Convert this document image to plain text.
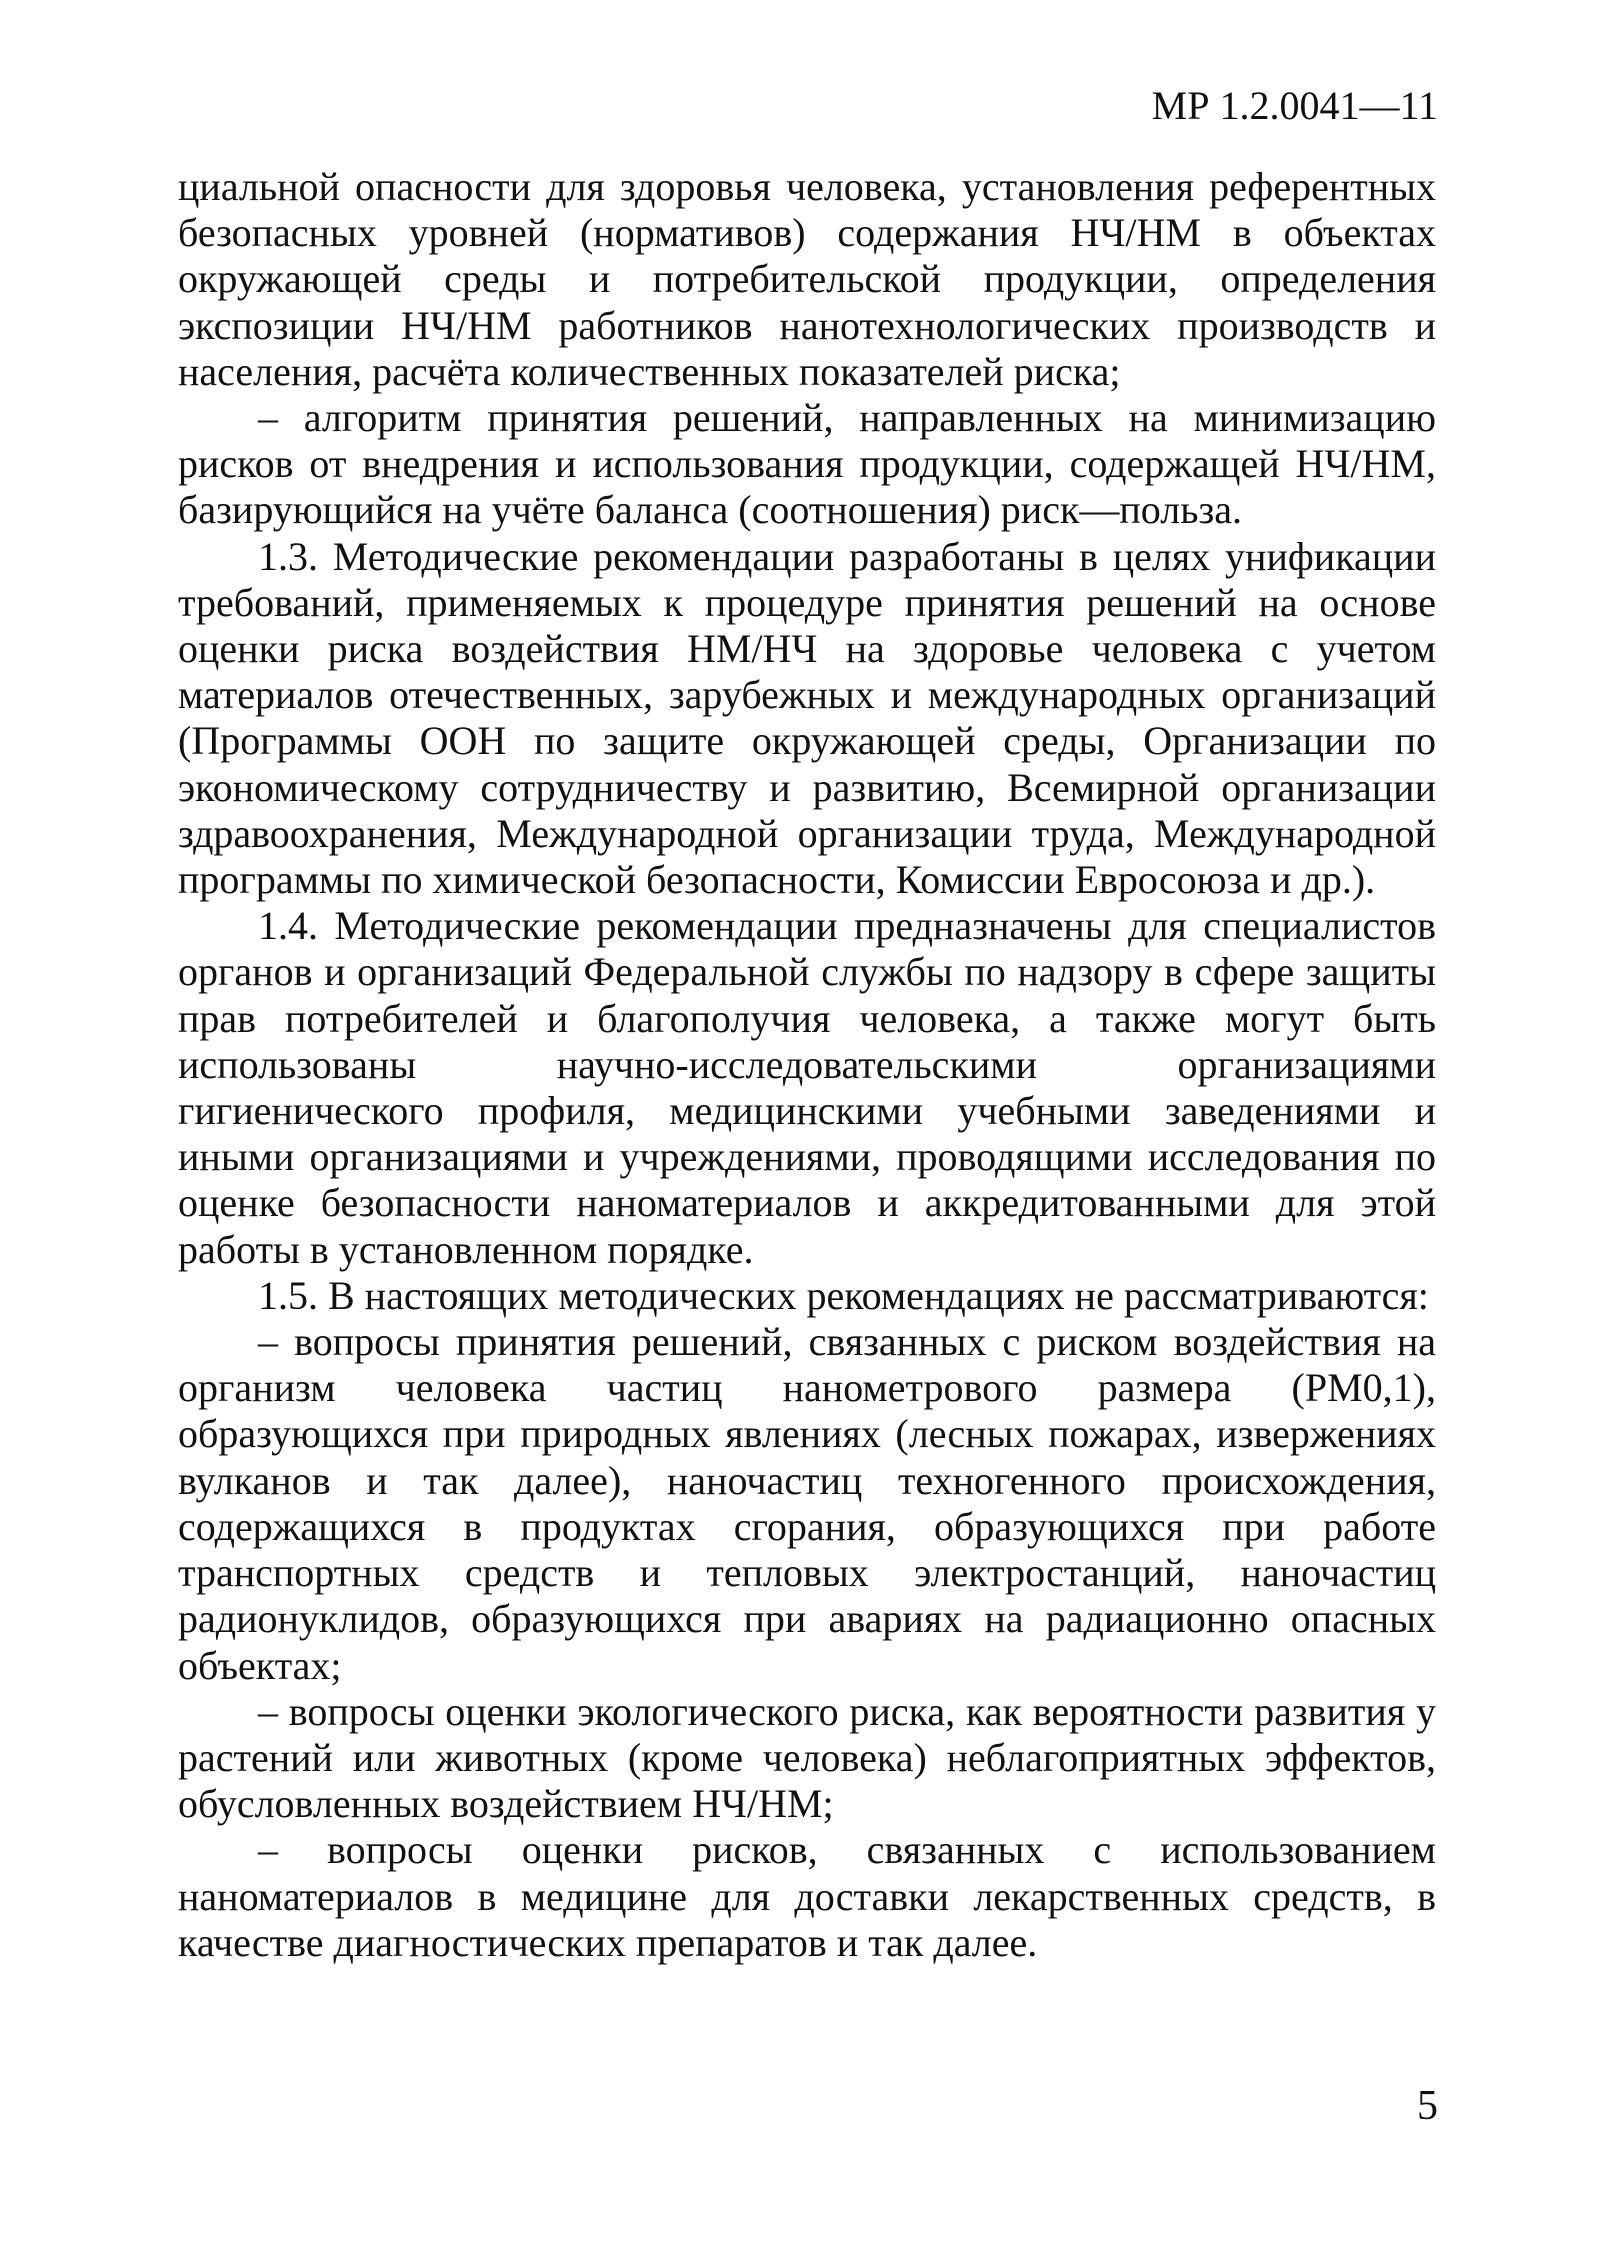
МР 1.2.0041—11

циальной опасности для здоровья человека, установления референтных безопасных уровней (нормативов) содержания НЧ/НМ в объектах окружающей среды и потребительской продукции, определения экспозиции НЧ/НМ работников нанотехнологических производств и населения, расчёта количественных показателей риска;

– алгоритм принятия решений, направленных на минимизацию рисков от внедрения и использования продукции, содержащей НЧ/НМ, базирующийся на учёте баланса (соотношения) риск—польза.

1.3. Методические рекомендации разработаны в целях унификации требований, применяемых к процедуре принятия решений на основе оценки риска воздействия НМ/НЧ на здоровье человека с учетом материалов отечественных, зарубежных и международных организаций (Программы ООН по защите окружающей среды, Организации по экономическому сотрудничеству и развитию, Всемирной организации здравоохранения, Международной организации труда, Международной программы по химической безопасности, Комиссии Евросоюза и др.).

1.4. Методические рекомендации предназначены для специалистов органов и организаций Федеральной службы по надзору в сфере защиты прав потребителей и благополучия человека, а также могут быть использованы научно-исследовательскими организациями гигиенического профиля, медицинскими учебными заведениями и иными организациями и учреждениями, проводящими исследования по оценке безопасности наноматериалов и аккредитованными для этой работы в установленном порядке.

1.5. В настоящих методических рекомендациях не рассматриваются:

– вопросы принятия решений, связанных с риском воздействия на организм человека частиц нанометрового размера (РМ0,1), образующихся при природных явлениях (лесных пожарах, извержениях вулканов и так далее), наночастиц техногенного происхождения, содержащихся в продуктах сгорания, образующихся при работе транспортных средств и тепловых электростанций, наночастиц радионуклидов, образующихся при авариях на радиационно опасных объектах;

– вопросы оценки экологического риска, как вероятности развития у растений или животных (кроме человека) неблагоприятных эффектов, обусловленных воздействием НЧ/НМ;

– вопросы оценки рисков, связанных с использованием наноматериалов в медицине для доставки лекарственных средств, в качестве диагностических препаратов и так далее.

5
